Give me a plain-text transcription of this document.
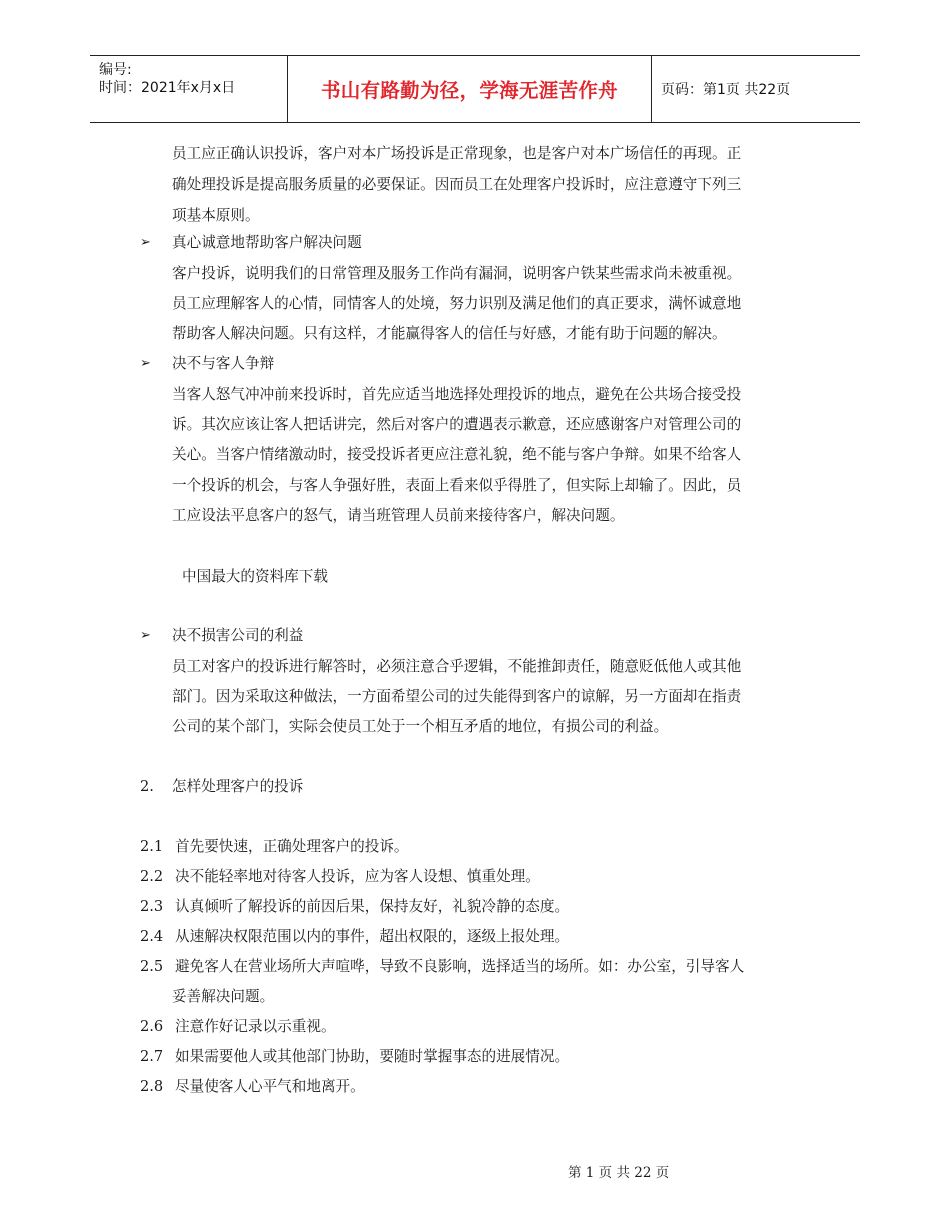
编号:
时间：2021年x月x日	书山有路勤为径，学海无涯苦作舟	页码：第1页 共22页
员工应正确认识投诉，客户对本广场投诉是正常现象，也是客户对本广场信任的再现。正
确处理投诉是提高服务质量的必要保证。因而员工在处理客户投诉时，应注意遵守下列三
项基本原则。
➢ 真心诚意地帮助客户解决问题
客户投诉，说明我们的日常管理及服务工作尚有漏洞，说明客户铁某些需求尚未被重视。
员工应理解客人的心情，同情客人的处境，努力识别及满足他们的真正要求，满怀诚意地
帮助客人解决问题。只有这样，才能赢得客人的信任与好感，才能有助于问题的解决。
➢ 决不与客人争辩
当客人怒气冲冲前来投诉时，首先应适当地选择处理投诉的地点，避免在公共场合接受投
诉。其次应该让客人把话讲完，然后对客户的遭遇表示歉意，还应感谢客户对管理公司的
关心。当客户情绪激动时，接受投诉者更应注意礼貌，绝不能与客户争辩。如果不给客人
一个投诉的机会，与客人争强好胜，表面上看来似乎得胜了，但实际上却输了。因此，员
工应设法平息客户的怒气，请当班管理人员前来接待客户，解决问题。
中国最大的资料库下载
➢ 决不损害公司的利益
员工对客户的投诉进行解答时，必须注意合乎逻辑，不能推卸责任，随意贬低他人或其他
部门。因为采取这种做法，一方面希望公司的过失能得到客户的谅解，另一方面却在指责
公司的某个部门，实际会使员工处于一个相互矛盾的地位，有损公司的利益。
2. 怎样处理客户的投诉
2.1 首先要快速，正确处理客户的投诉。
2.2 决不能轻率地对待客人投诉，应为客人设想、慎重处理。
2.3 认真倾听了解投诉的前因后果，保持友好，礼貌冷静的态度。
2.4 从速解决权限范围以内的事件，超出权限的，逐级上报处理。
2.5 避免客人在营业场所大声喧哗，导致不良影响，选择适当的场所。如：办公室，引导客人
妥善解决问题。
2.6 注意作好记录以示重视。
2.7 如果需要他人或其他部门协助，要随时掌握事态的进展情况。
2.8 尽量使客人心平气和地离开。
第 1 页 共 22 页
